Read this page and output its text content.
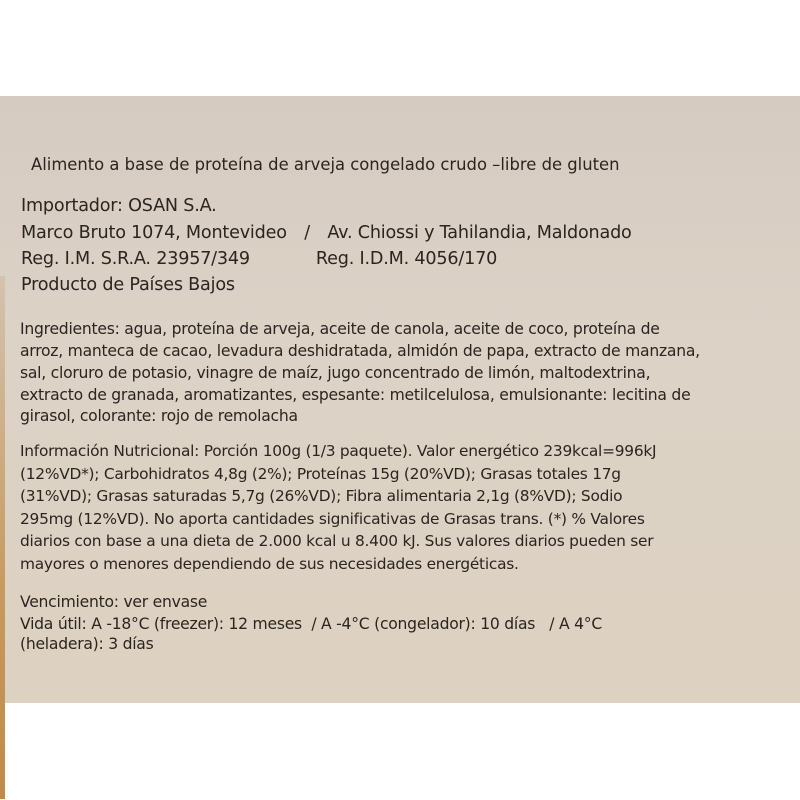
Alimento a base de proteína de arveja congelado crudo –libre de gluten
Importador: OSAN S.A.
Marco Bruto 1074, Montevideo / Av. Chiossi y Tahilandia, Maldonado
Reg. I.M. S.R.A. 23957/349	Reg. I.D.M. 4056/170
Producto de Países Bajos
Ingredientes: agua, proteína de arveja, aceite de canola, aceite de coco, proteína de
arroz, manteca de cacao, levadura deshidratada, almidón de papa, extracto de manzana,
sal, cloruro de potasio, vinagre de maíz, jugo concentrado de limón, maltodextrina,
extracto de granada, aromatizantes, espesante: metilcelulosa, emulsionante: lecitina de
girasol, colorante: rojo de remolacha
Información Nutricional: Porción 100g (1/3 paquete). Valor energético 239kcal=996kJ
(12%VD*); Carbohidratos 4,8g (2%); Proteínas 15g (20%VD); Grasas totales 17g
(31%VD); Grasas saturadas 5,7g (26%VD); Fibra alimentaria 2,1g (8%VD); Sodio
295mg (12%VD). No aporta cantidades significativas de Grasas trans. (*) % Valores
diarios con base a una dieta de 2.000 kcal u 8.400 kJ. Sus valores diarios pueden ser
mayores o menores dependiendo de sus necesidades energéticas.
Vencimiento: ver envase
Vida útil: A -18°C (freezer): 12 meses  / A -4°C (congelador): 10 días   / A 4°C
(heladera): 3 días
